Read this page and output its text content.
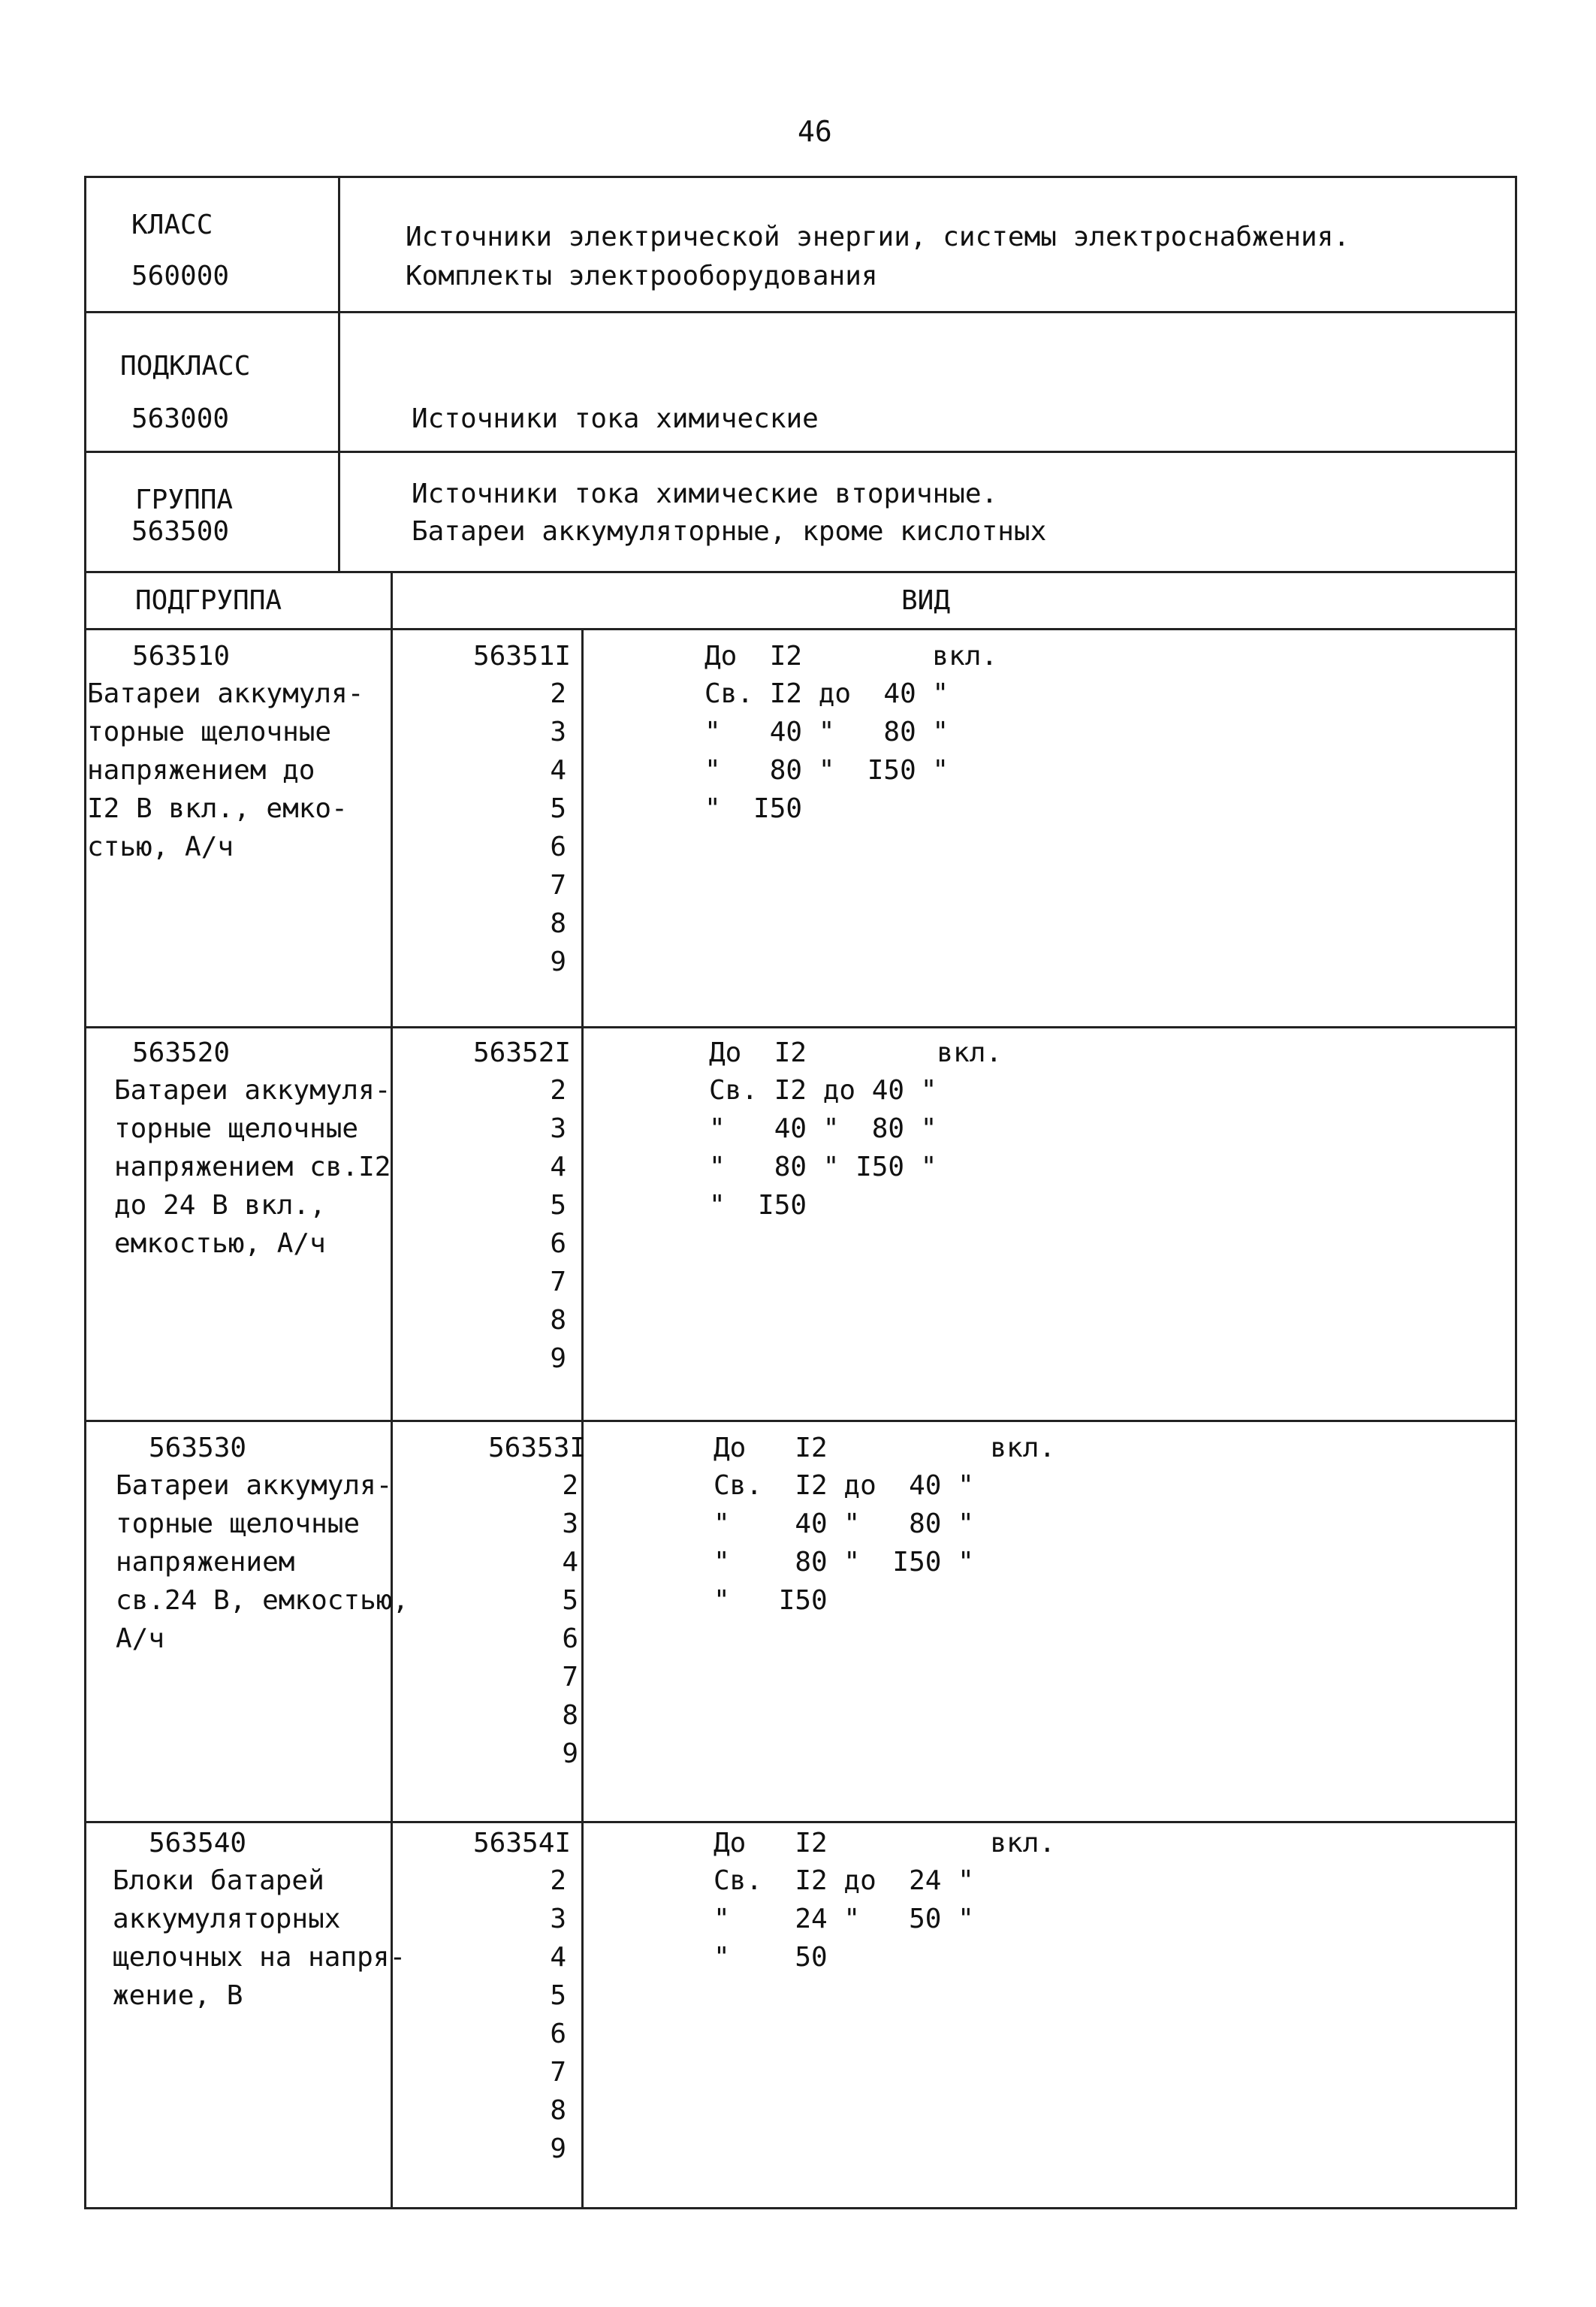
46
КЛАСС
560000
Источники электрической энергии, системы электроснабжения.
Комплекты электрооборудования
ПОДКЛАСС
563000	Источники тока химические
ГРУППА
563500
Источники тока химические вторичные.
Батареи аккумуляторные, кроме кислотных
ПОДГРУППА	ВИД
563510
Батареи аккумуля-
торные щелочные
напряжением до
I2 В вкл., емко-
стью, А/ч
56351I
2
3
4
5
6
7
8
9
До  I2        вкл.
Св. I2 до  40 "
"   40 "   80 "
"   80 "  I50 "
"  I50
563520
Батареи аккумуля-
торные щелочные
напряжением св.I2
до 24 В вкл.,
емкостью, А/ч
56352I
2
3
4
5
6
7
8
9
До  I2        вкл.
Св. I2 до 40 "
"   40 "  80 "
"   80 " I50 "
"  I50
563530
Батареи аккумуля-
торные щелочные
напряжением
св.24 В, емкостью,
А/ч
56353I
2
3
4
5
6
7
8
9
До   I2          вкл.
Св.  I2 до  40 "
"    40 "   80 "
"    80 "  I50 "
"   I50
563540
Блоки батарей
аккумуляторных
щелочных на напря-
жение, В
56354I
2
3
4
5
6
7
8
9
До   I2          вкл.
Св.  I2 до  24 "
"    24 "   50 "
"    50
